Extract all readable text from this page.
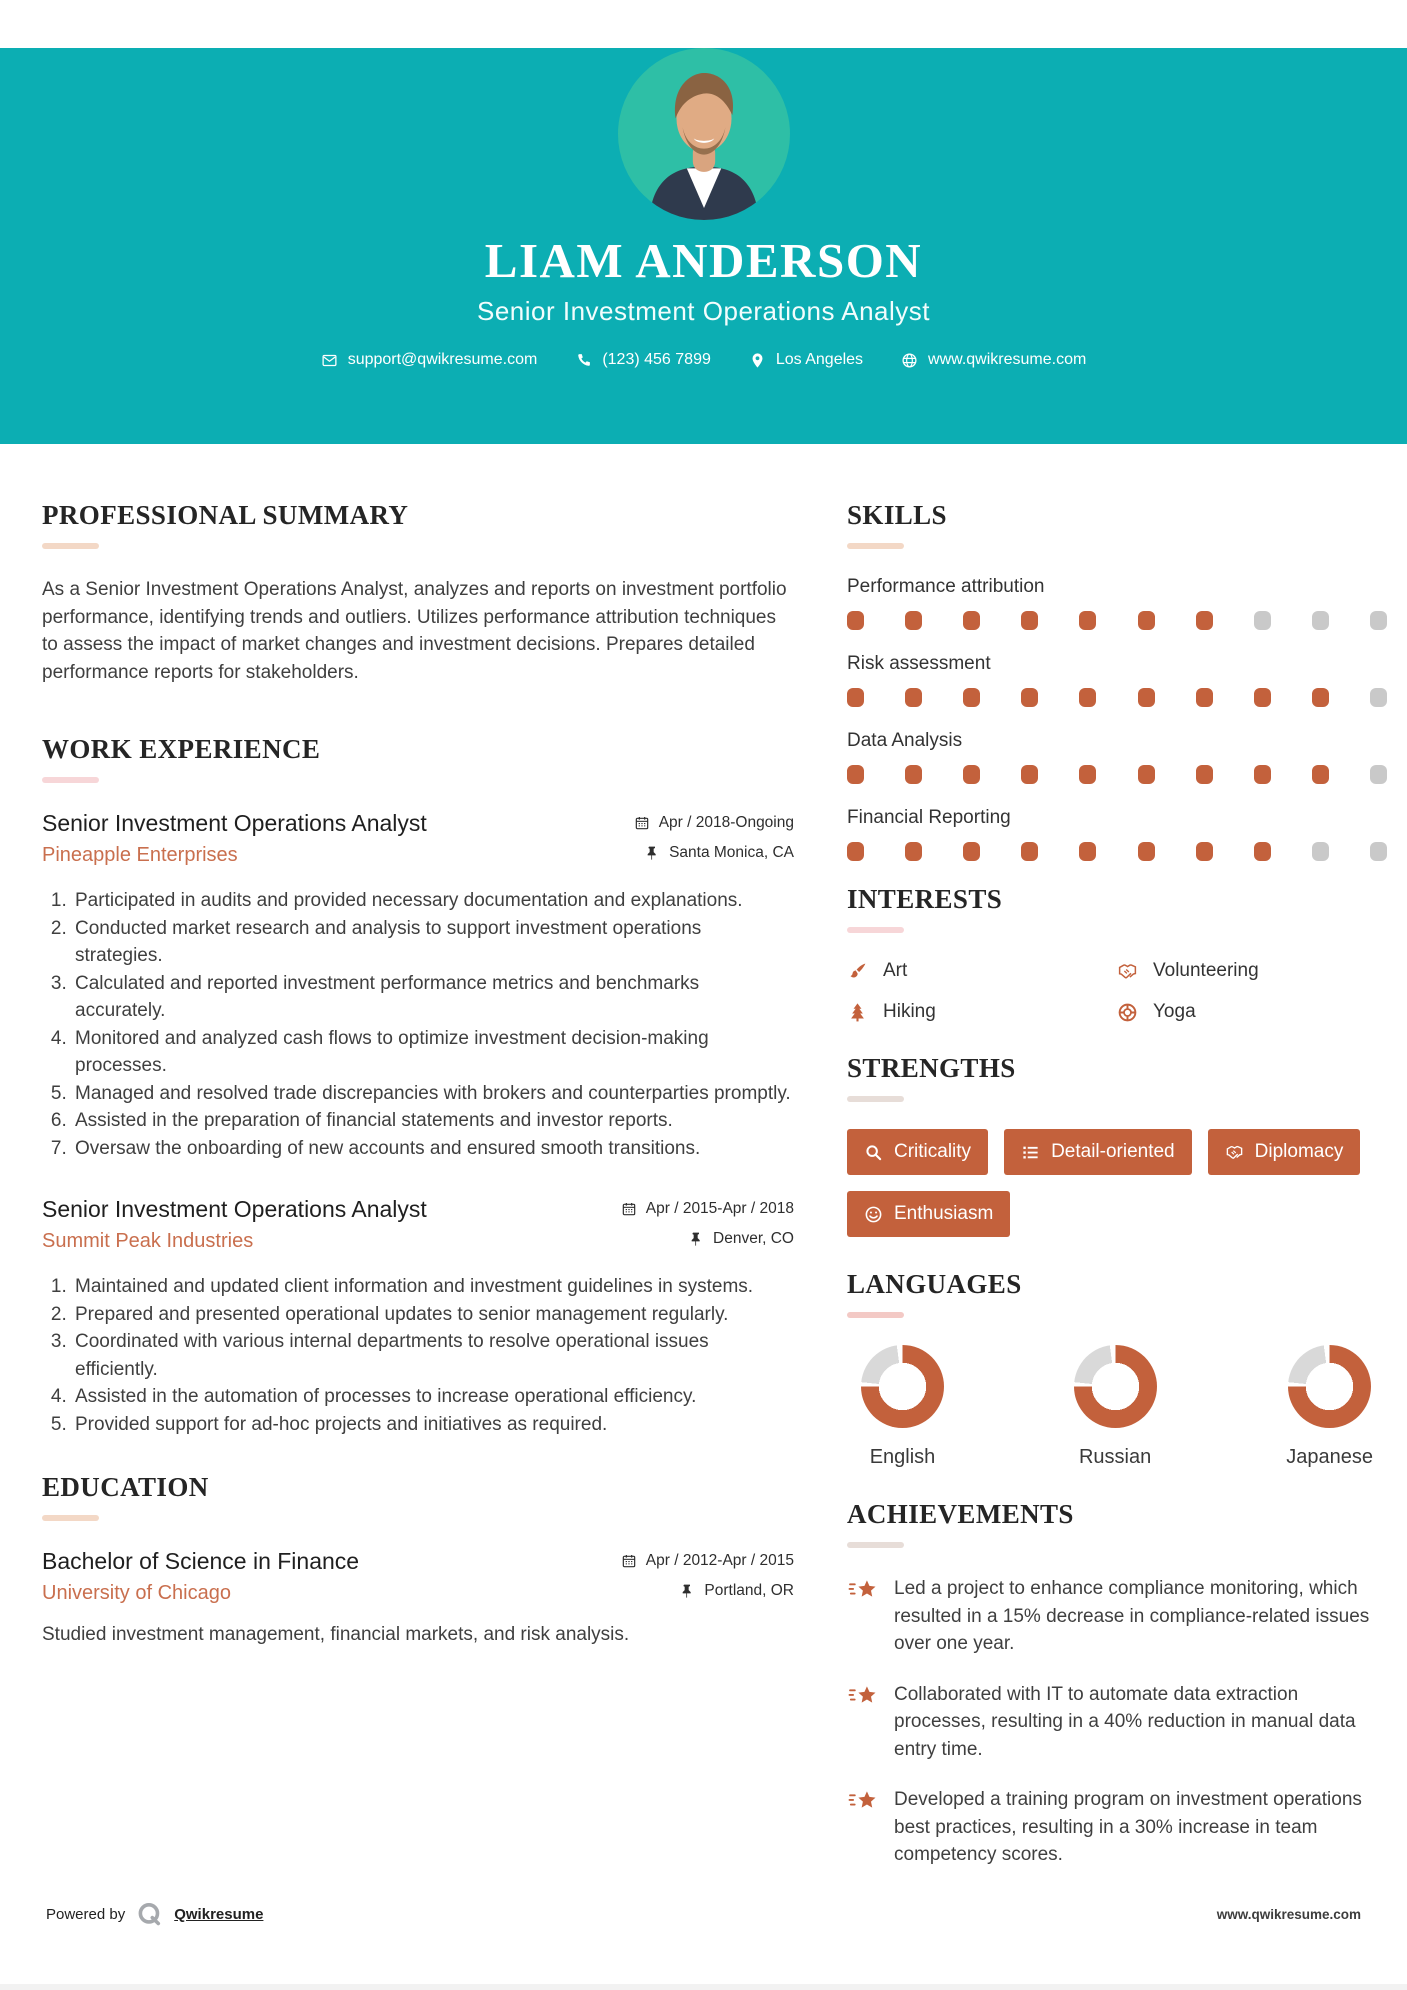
LIAM ANDERSON
Senior Investment Operations Analyst
support@qwikresume.com	(123) 456 7899	Los Angeles	www.qwikresume.com
PROFESSIONAL SUMMARY

As a Senior Investment Operations Analyst, analyzes and reports on investment portfolio performance, identifying trends and outliers. Utilizes performance attribution techniques to assess the impact of market changes and investment decisions. Prepares detailed performance reports for stakeholders.

WORK EXPERIENCE
Senior Investment Operations Analyst	Apr / 2018-Ongoing
Pineapple Enterprises	Santa Monica, CA
1. Participated in audits and provided necessary documentation and explanations.
2. Conducted market research and analysis to support investment operations strategies.
3. Calculated and reported investment performance metrics and benchmarks accurately.
4. Monitored and analyzed cash flows to optimize investment decision-making processes.
5. Managed and resolved trade discrepancies with brokers and counterparties promptly.
6. Assisted in the preparation of financial statements and investor reports.
7. Oversaw the onboarding of new accounts and ensured smooth transitions.
Senior Investment Operations Analyst	Apr / 2015-Apr / 2018
Summit Peak Industries	Denver, CO
1. Maintained and updated client information and investment guidelines in systems.
2. Prepared and presented operational updates to senior management regularly.
3. Coordinated with various internal departments to resolve operational issues efficiently.
4. Assisted in the automation of processes to increase operational efficiency.
5. Provided support for ad-hoc projects and initiatives as required.
EDUCATION
Bachelor of Science in Finance	Apr / 2012-Apr / 2015
University of Chicago	Portland, OR

Studied investment management, financial markets, and risk analysis.

SKILLS
Performance attribution
Risk assessment
Data Analysis
Financial Reporting
INTERESTS
Art	Volunteering
Hiking	Yoga
STRENGTHS
Criticality	Detail-oriented	Diplomacy
Enthusiasm
LANGUAGES
English	Russian	Japanese
ACHIEVEMENTS
Led a project to enhance compliance monitoring, which resulted in a 15% decrease in compliance-related issues over one year.
Collaborated with IT to automate data extraction processes, resulting in a 40% reduction in manual data entry time.
Developed a training program on investment operations best practices, resulting in a 30% increase in team competency scores.
Powered by	Qwikresume	www.qwikresume.com
